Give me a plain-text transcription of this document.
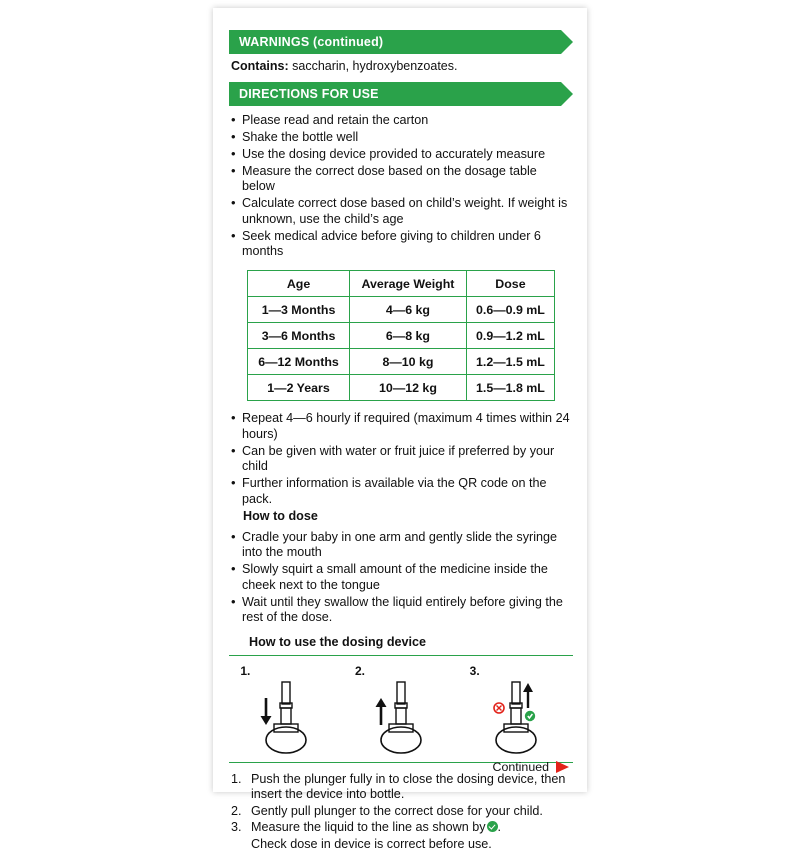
WARNINGS (continued)
Contains: saccharin, hydroxybenzoates.
DIRECTIONS FOR USE
• Please read and retain the carton
• Shake the bottle well
• Use the dosing device provided to accurately measure
• Measure the correct dose based on the dosage table below
• Calculate correct dose based on child’s weight. If weight is unknown, use the child’s age
• Seek medical advice before giving to children under 6 months
Age	Average Weight	Dose
1—3 Months	4—6 kg	0.6—0.9 mL
3—6 Months	6—8 kg	0.9—1.2 mL
6—12 Months	8—10 kg	1.2—1.5 mL
1—2 Years	10—12 kg	1.5—1.8 mL
• Repeat 4—6 hourly if required (maximum 4 times within 24 hours)
• Can be given with water or fruit juice if preferred by your child
• Further information is available via the QR code on the pack.
How to dose
• Cradle your baby in one arm and gently slide the syringe into the mouth
• Slowly squirt a small amount of the medicine inside the cheek next to the tongue
• Wait until they swallow the liquid entirely before giving the rest of the dose.
How to use the dosing device
1.	2.	3.
1. Push the plunger fully in to close the dosing device, then insert the device into bottle.
2. Gently pull plunger to the correct dose for your child.
3. Measure the liquid to the line as shown by .
Check dose in device is correct before use.
Continued
